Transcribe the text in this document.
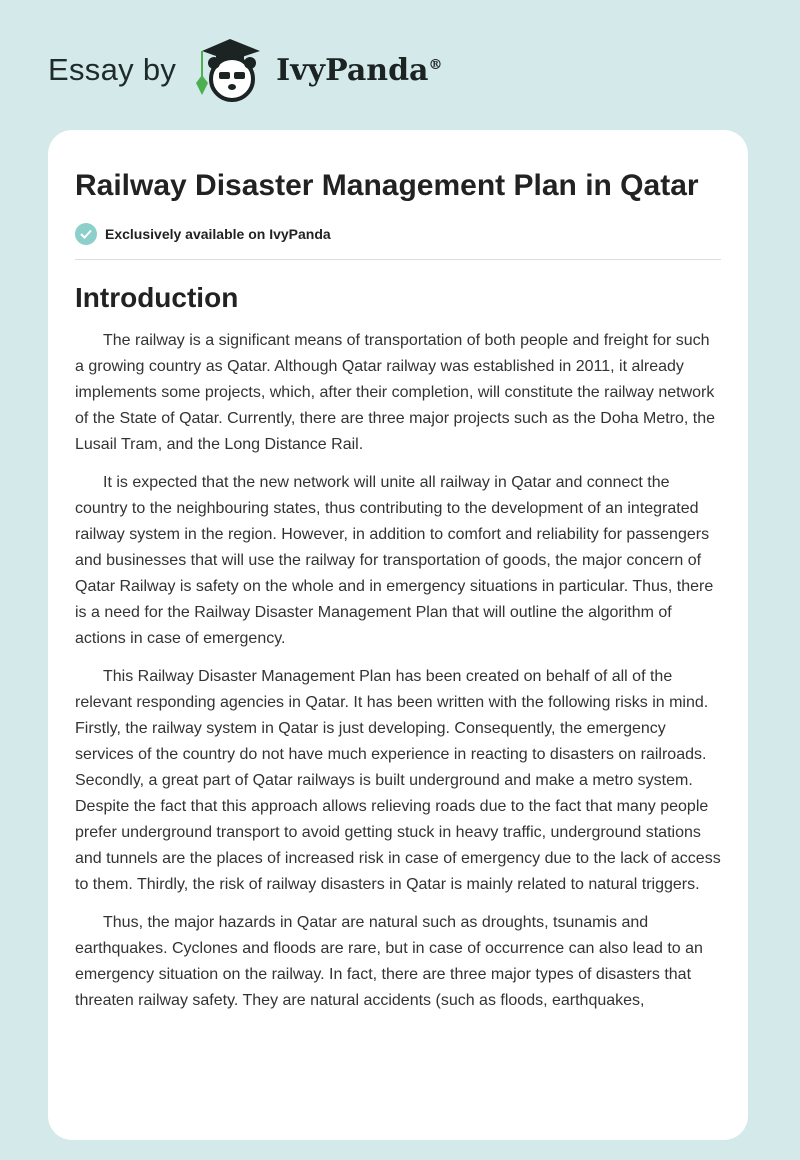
Essay by	IvyPanda®
Railway Disaster Management Plan in Qatar
Exclusively available on IvyPanda
Introduction

The railway is a significant means of transportation of both people and freight for such a growing country as Qatar. Although Qatar railway was established in 2011, it already implements some projects, which, after their completion, will constitute the railway network of the State of Qatar. Currently, there are three major projects such as the Doha Metro, the Lusail Tram, and the Long Distance Rail.

It is expected that the new network will unite all railway in Qatar and connect the country to the neighbouring states, thus contributing to the development of an integrated railway system in the region. However, in addition to comfort and reliability for passengers and businesses that will use the railway for transportation of goods, the major concern of Qatar Railway is safety on the whole and in emergency situations in particular. Thus, there is a need for the Railway Disaster Management Plan that will outline the algorithm of actions in case of emergency.

This Railway Disaster Management Plan has been created on behalf of all of the relevant responding agencies in Qatar. It has been written with the following risks in mind. Firstly, the railway system in Qatar is just developing. Consequently, the emergency services of the country do not have much experience in reacting to disasters on railroads. Secondly, a great part of Qatar railways is built underground and make a metro system. Despite the fact that this approach allows relieving roads due to the fact that many people prefer underground transport to avoid getting stuck in heavy traffic, underground stations and tunnels are the places of increased risk in case of emergency due to the lack of access to them. Thirdly, the risk of railway disasters in Qatar is mainly related to natural triggers.

Thus, the major hazards in Qatar are natural such as droughts, tsunamis and earthquakes. Cyclones and floods are rare, but in case of occurrence can also lead to an emergency situation on the railway. In fact, there are three major types of disasters that threaten railway safety. They are natural accidents (such as floods, earthquakes,
